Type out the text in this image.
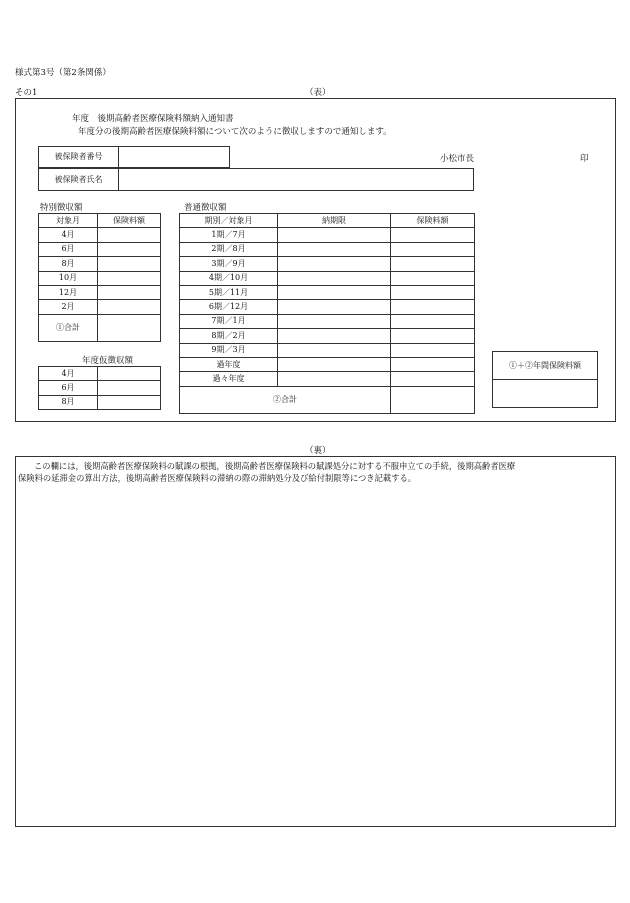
様式第3号（第2条関係）
その1	（表）
年度　後期高齢者医療保険料額納入通知書
年度分の後期高齢者医療保険料額について次のように徴収しますので通知します。
被保険者番号	
被保険者氏名	
小松市長	印
特別徴収額
対象月	保険料額
4月	
6月	
8月	
10月	
12月	
2月	
①合計	
年度仮徴収額
4月	
6月	
8月	
普通徴収額
期別／対象月	納期限	保険料額
1期／7月		
2期／8月		
3期／9月		
4期／10月		
5期／11月		
6期／12月		
7期／1月		
8期／2月		
9期／3月		
過年度		
過々年度		
②合計		
①＋②年間保険料額

（裏）
この欄には，後期高齢者医療保険料の賦課の根拠，後期高齢者医療保険料の賦課処分に対する不服申立ての手続，後期高齢者医療
保険料の延滞金の算出方法，後期高齢者医療保険料の滞納の際の滞納処分及び給付制限等につき記載する。
